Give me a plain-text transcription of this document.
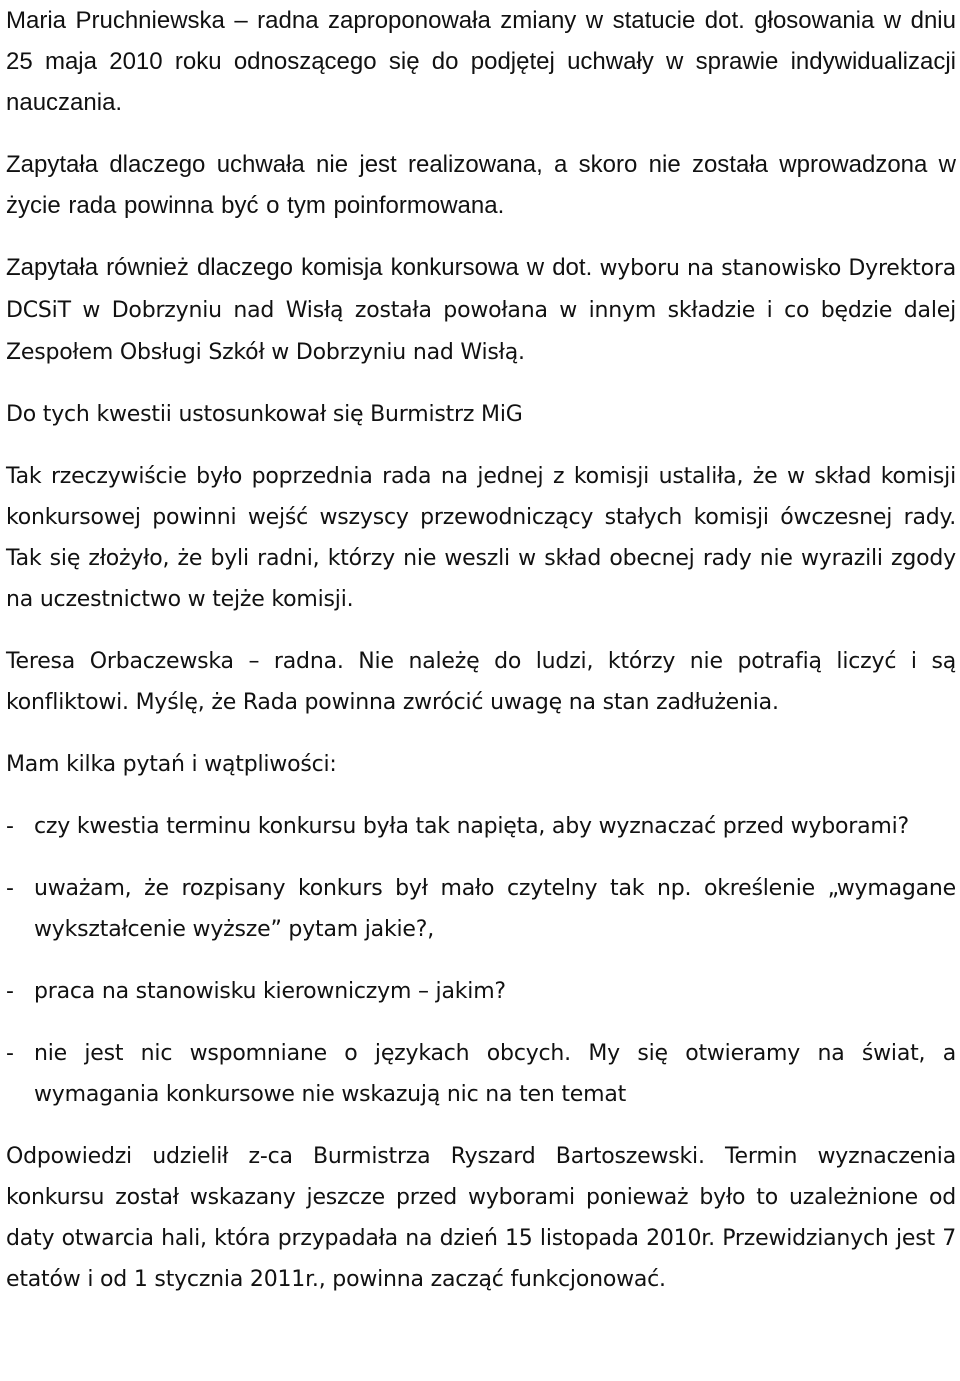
Maria Pruchniewska – radna zaproponowała zmiany w statucie dot. głosowania w dniu 25 maja 2010 roku odnoszącego się do podjętej uchwały w sprawie indywidualizacji nauczania.

Zapytała dlaczego uchwała nie jest realizowana, a skoro nie została wprowadzona w życie rada powinna być o tym poinformowana.

Zapytała również dlaczego komisja konkursowa w dot. wyboru na stanowisko Dyrektora DCSiT w Dobrzyniu nad Wisłą została powołana w innym składzie i co będzie dalej Zespołem Obsługi Szkół w Dobrzyniu nad Wisłą.

Do tych kwestii ustosunkował się Burmistrz MiG

Tak rzeczywiście było poprzednia rada na jednej z komisji ustaliła, że w skład komisji konkursowej powinni wejść wszyscy przewodniczący stałych komisji ówczesnej rady. Tak się złożyło, że byli radni, którzy nie weszli w skład obecnej rady nie wyrazili zgody na uczestnictwo w tejże komisji.

Teresa Orbaczewska – radna. Nie należę do ludzi, którzy nie potrafią liczyć i są konfliktowi. Myślę, że Rada powinna zwrócić uwagę na stan zadłużenia.

Mam kilka pytań i wątpliwości:

- czy kwestia terminu konkursu była tak napięta, aby wyznaczać przed wyborami?

- uważam, że rozpisany konkurs był mało czytelny tak np. określenie „wymagane wykształcenie wyższe” pytam jakie?,

- praca na stanowisku kierowniczym – jakim?

- nie jest nic wspomniane o językach obcych. My się otwieramy na świat, a wymagania konkursowe nie wskazują nic na ten temat

Odpowiedzi udzielił z-ca Burmistrza Ryszard Bartoszewski. Termin wyznaczenia konkursu został wskazany jeszcze przed wyborami ponieważ było to uzależnione od daty otwarcia hali, która przypadała na dzień 15 listopada 2010r. Przewidzianych jest 7 etatów i od 1 stycznia 2011r., powinna zacząć funkcjonować.
